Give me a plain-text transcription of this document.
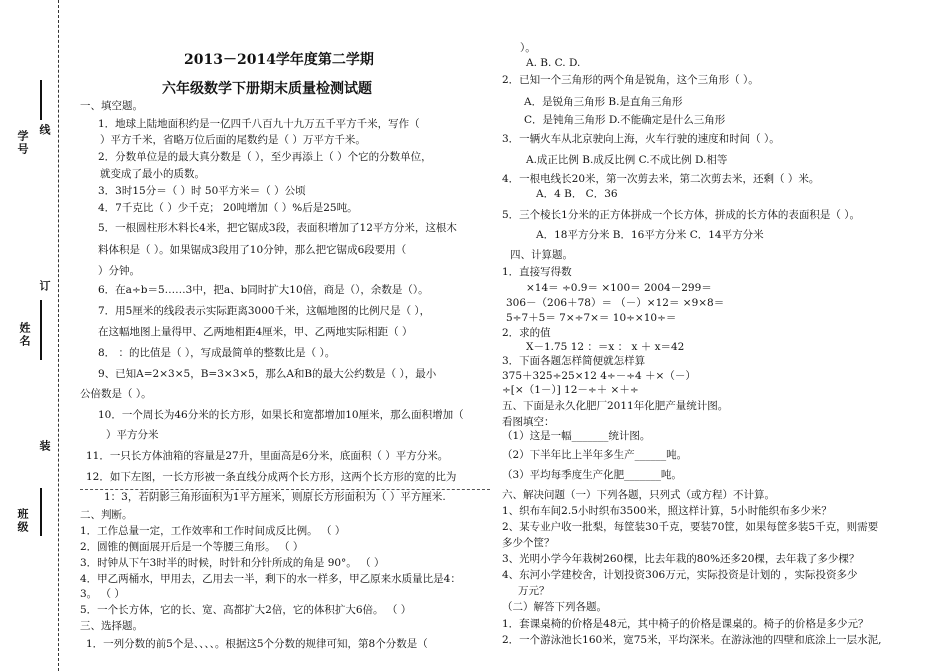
学号 线
订
姓名
装
班级
2013－2014学年度第二学期
六年级数学下册期末质量检测试题
一、填空题。
1．地球上陆地面积约是一亿四千八百九十九万五千平方千米，写作（
）平方千米，省略万位后面的尾数约是（ ）万平方千米。
2．分数单位是的最大真分数是（ ），至少再添上（ ）个它的分数单位，
就变成了最小的质数。
3．3时15分＝（ ）时 50平方米＝（ ）公顷
4．7千克比（ ）少千克； 20吨增加（ ）%后是25吨。
5．一根圆柱形木料长4米，把它锯成3段，表面积增加了12平方分米，这根木
料体积是（ ）。如果锯成3段用了10分钟，那么把它锯成6段要用（
）分钟。
6．在a÷b＝5……3中，把a、b同时扩大10倍，商是（），余数是（）。
7．用5厘米的线段表示实际距离3000千米，这幅地图的比例尺是（ ），
在这幅地图上量得甲、乙两地相距4厘米，甲、乙两地实际相距（ ）
8． ：的比值是（ ），写成最简单的整数比是（ ）。
9、已知A=2×3×5，B=3×3×5，那么A和B的最大公约数是（ ），最小
公倍数是（ ）。
10．一个周长为46分米的长方形，如果长和宽都增加10厘米，那么面积增加（
）平方分米
11．一只长方体油箱的容量是27升，里面高是6分米，底面积（ ）平方分米。
12．如下左图，一长方形被一条直线分成两个长方形，这两个长方形的宽的比为
1：3，若阴影三角形面积为1平方厘米，则原长方形面积为（ ）平方厘米.
二、判断。
1．工作总量一定，工作效率和工作时间成反比例。 （ ）
2．圆锥的侧面展开后是一个等腰三角形。 （ ）
3．时钟从下午3时半的时候，时针和分针所成的角是 90°。 （ ）
4．甲乙两桶水，甲用去，乙用去一半，剩下的水一样多，甲乙原来水质量比是4：
3。 （ ）
5．一个长方体，它的长、宽、高都扩大2倍，它的体积扩大6倍。 （ ）
三、选择题。
1．一列分数的前5个是、、、、。根据这5个分数的规律可知，第8个分数是（
）。
A. B. C. D.
2．已知一个三角形的两个角是锐角，这个三角形（ ）。
A．是锐角三角形 B.是直角三角形
C．是钝角三角形 D.不能确定是什么三角形
3．一辆火车从北京驶向上海，火车行驶的速度和时间（ ）。
A.成正比例 B.成反比例 C.不成比例 D.相等
4．一根电线长20米，第一次剪去米，第二次剪去米，还剩（ ）米。
A．4 B． C．36
5．三个棱长1分米的正方体拼成一个长方体，拼成的长方体的表面积是（ ）。
A．18平方分米 B．16平方分米 C．14平方分米
四、计算题。
1．直接写得数
×14＝ ÷0.9＝ ×100＝ 2004－299＝
306－（206＋78）＝ （－）×12＝ ×9×8＝
5÷7＋5＝ 7×÷7×＝ 10÷×10÷＝
2．求的值
X－1.75 12 ：＝x ： x ＋ x＝42
3．下面各题怎样简便就怎样算
375＋325÷25×12 4÷－÷4 ＋×（－）
÷[×（1－）] 12－÷＋ ×＋÷
五、下面是永久化肥厂2011年化肥产量统计图。
看图填空：
（1）这是一幅_______统计图。
（2）下半年比上半年多生产______吨。
（3）平均每季度生产化肥_______吨。
六、解决问题（一）下列各题，只列式（或方程）不计算。
1、织布车间2.5小时织布3500米，照这样计算，5小时能织布多少米？
2、某专业户收一批梨，每筐装30千克，要装70筐，如果每筐多装5千克，则需要
多少个筐？
3、光明小学今年栽树260棵，比去年栽的80%还多20棵，去年栽了多少棵？
4、东河小学建校舍，计划投资306万元，实际投资是计划的 ，实际投资多少
万元？
（二）解答下列各题。
1．套课桌椅的价格是48元，其中椅子的价格是课桌的。椅子的价格是多少元？
2．一个游泳池长160米，宽75米，平均深米。在游泳池的四壁和底涂上一层水泥,
